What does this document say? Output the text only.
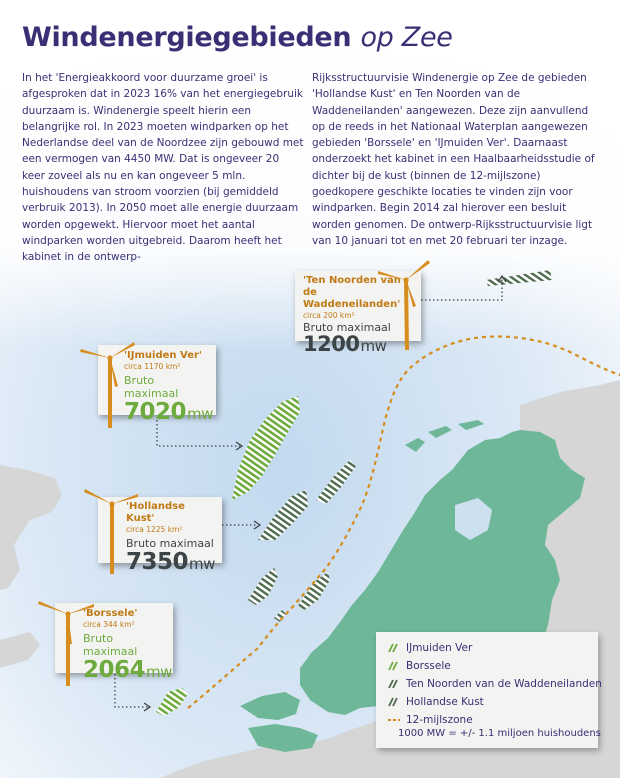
Windenergiegebieden op Zee
In het 'Energieakkoord voor duurzame groei' is afgesproken dat in 2023 16% van het energiegebruik duurzaam is. Windenergie speelt hierin een belangrijke rol. In 2023 moeten windparken op het Nederlandse deel van de Noordzee zijn gebouwd met een vermogen van 4450 MW. Dat is ongeveer 20 keer zoveel als nu en kan ongeveer 5 mln. huishoudens van stroom voorzien (bij gemiddeld verbruik 2013). In 2050 moet alle energie duurzaam worden opgewekt. Hiervoor moet het aantal windparken worden uitgebreid. Daarom heeft het kabinet in de ontwerp-
Rijksstructuurvisie Windenergie op Zee de gebieden 'Hollandse Kust' en Ten Noorden van de Waddeneilanden' aangewezen. Deze zijn aanvullend op de reeds in het Nationaal Waterplan aangewezen gebieden 'Borssele' en 'IJmuiden Ver'. Daarnaast onderzoekt het kabinet in een Haalbaarheidsstudie of dichter bij de kust (binnen de 12-mijlszone) goedkopere geschikte locaties te vinden zijn voor windparken. Begin 2014 zal hierover een besluit worden genomen. De ontwerp-Rijksstructuurvisie ligt van 10 januari tot en met 20 februari ter inzage.
'Ten Noorden van
de Waddeneilanden'
circa 200 km²
Bruto maximaal
1200mw
'IJmuiden Ver'
circa 1170 km²
Bruto maximaal
7020mw
'Hollandse Kust'
circa 1225 km²
Bruto maximaal
7350mw
'Borssele'
circa 344 km²
Bruto maximaal
2064mw
IJmuiden Ver
Borssele
Ten Noorden van de Waddeneilanden
Hollandse Kust
12-mijlszone
1000 MW = +/- 1.1 miljoen huishoudens
